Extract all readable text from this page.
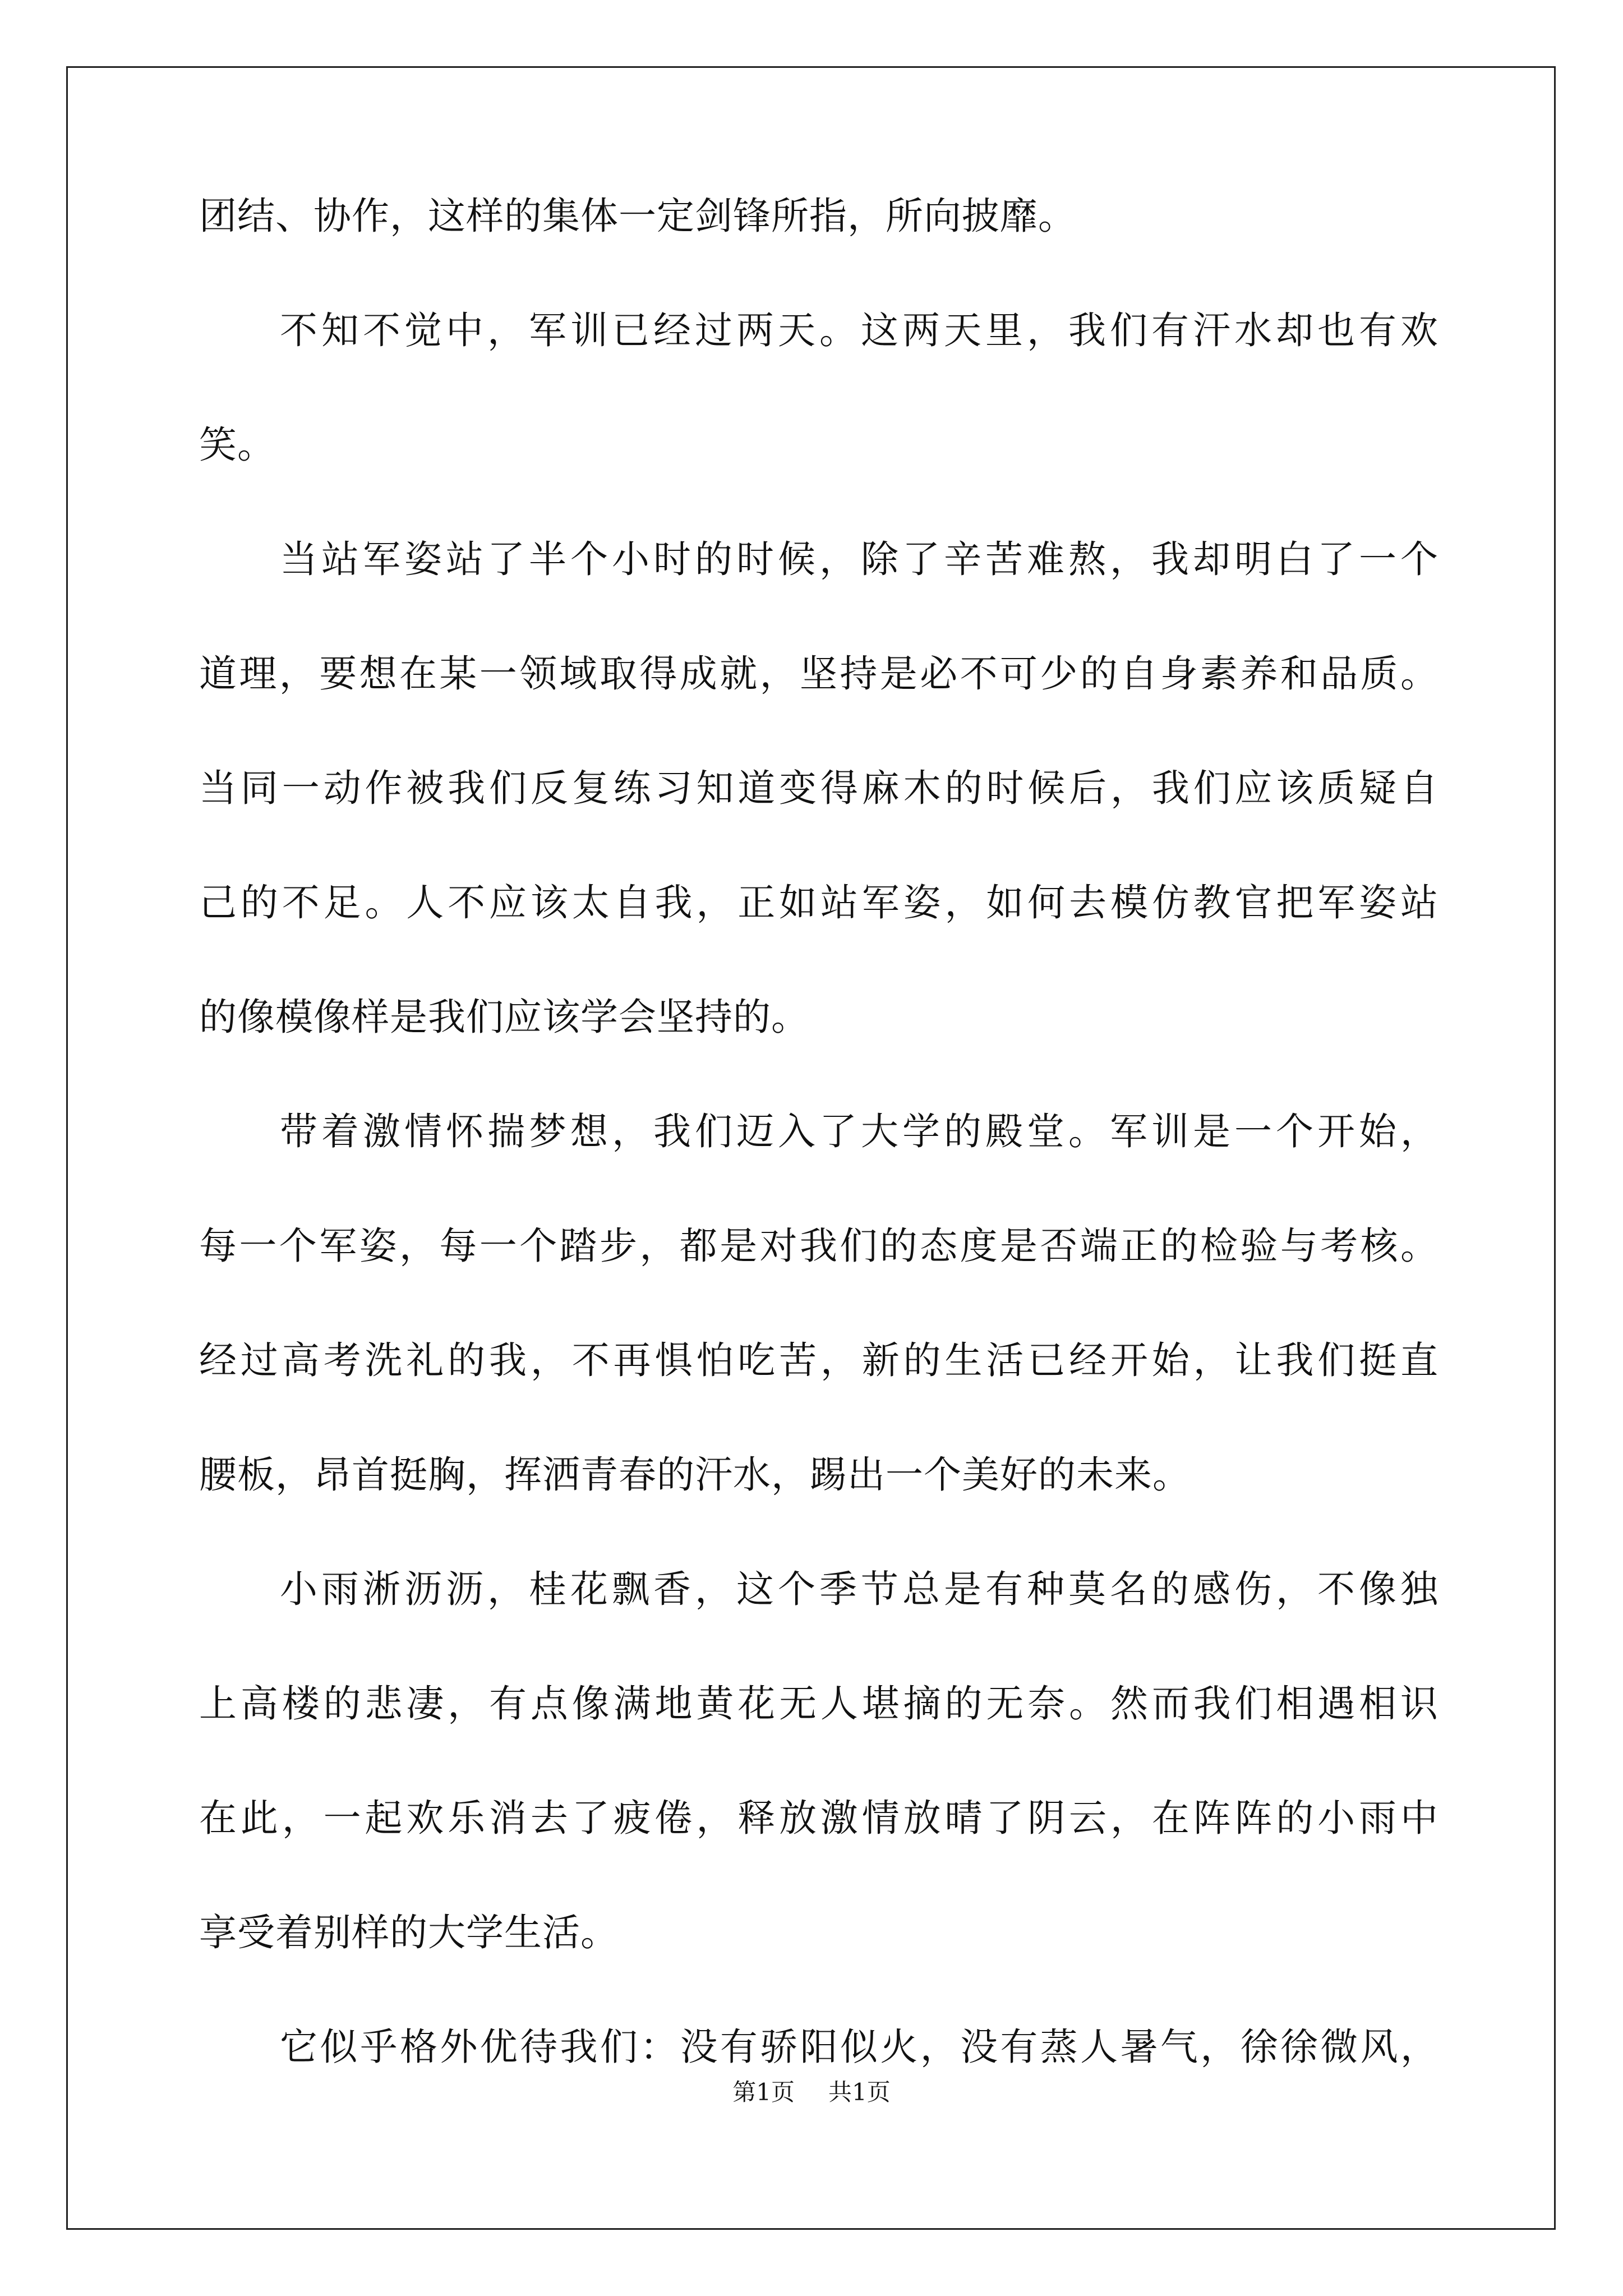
团结、协作，这样的集体一定剑锋所指，所向披靡。
不知不觉中，军训已经过两天。这两天里，我们有汗水却也有欢
笑。
当站军姿站了半个小时的时候，除了辛苦难熬，我却明白了一个
道理，要想在某一领域取得成就，坚持是必不可少的自身素养和品质。
当同一动作被我们反复练习知道变得麻木的时候后，我们应该质疑自
己的不足。人不应该太自我，正如站军姿，如何去模仿教官把军姿站
的像模像样是我们应该学会坚持的。
带着激情怀揣梦想，我们迈入了大学的殿堂。军训是一个开始，
每一个军姿，每一个踏步，都是对我们的态度是否端正的检验与考核。
经过高考洗礼的我，不再惧怕吃苦，新的生活已经开始，让我们挺直
腰板，昂首挺胸，挥洒青春的汗水，踢出一个美好的未来。
小雨淅沥沥，桂花飘香，这个季节总是有种莫名的感伤，不像独
上高楼的悲凄，有点像满地黄花无人堪摘的无奈。然而我们相遇相识
在此，一起欢乐消去了疲倦，释放激情放晴了阴云，在阵阵的小雨中
享受着别样的大学生活。
它似乎格外优待我们：没有骄阳似火，没有蒸人暑气，徐徐微风，
第1页 共1页
